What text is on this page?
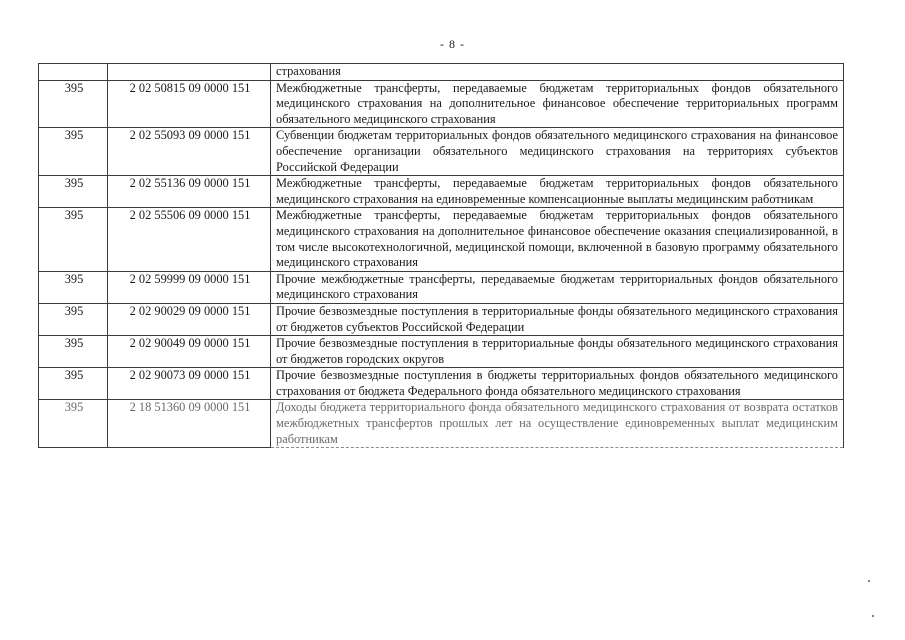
- 8 -

		страхования

395	2 02 50815 09 0000 151	Межбюджетные трансферты, передаваемые бюджетам территориальных фондов обязательного медицинского страхования на дополнительное финансовое обеспечение территориальных программ обязательного медицинского страхования

395	2 02 55093 09 0000 151	Субвенции бюджетам территориальных фондов обязательного медицинского страхования на финансовое обеспечение организации обязательного медицинского страхования на территориях субъектов Российской Федерации

395	2 02 55136 09 0000 151	Межбюджетные трансферты, передаваемые бюджетам территориальных фондов обязательного медицинского страхования на единовременные компенсационные выплаты медицинским работникам

395	2 02 55506 09 0000 151	Межбюджетные трансферты, передаваемые бюджетам территориальных фондов обязательного медицинского страхования на дополнительное финансовое обеспечение оказания специализированной, в том числе высокотехнологичной, медицинской помощи, включенной в базовую программу обязательного медицинского страхования

395	2 02 59999 09 0000 151	Прочие межбюджетные трансферты, передаваемые бюджетам территориальных фондов обязательного медицинского страхования

395	2 02 90029 09 0000 151	Прочие безвозмездные поступления в территориальные фонды обязательного медицинского страхования от бюджетов субъектов Российской Федерации

395	2 02 90049 09 0000 151	Прочие безвозмездные поступления в территориальные фонды обязательного медицинского страхования от бюджетов городских округов

395	2 02 90073 09 0000 151	Прочие безвозмездные поступления в бюджеты территориальных фондов обязательного медицинского страхования от бюджета Федерального фонда обязательного медицинского страхования

395	2 18 51360 09 0000 151	Доходы бюджета территориального фонда обязательного медицинского страхования от возврата остатков межбюджетных трансфертов прошлых лет на осуществление единовременных выплат медицинским работникам
